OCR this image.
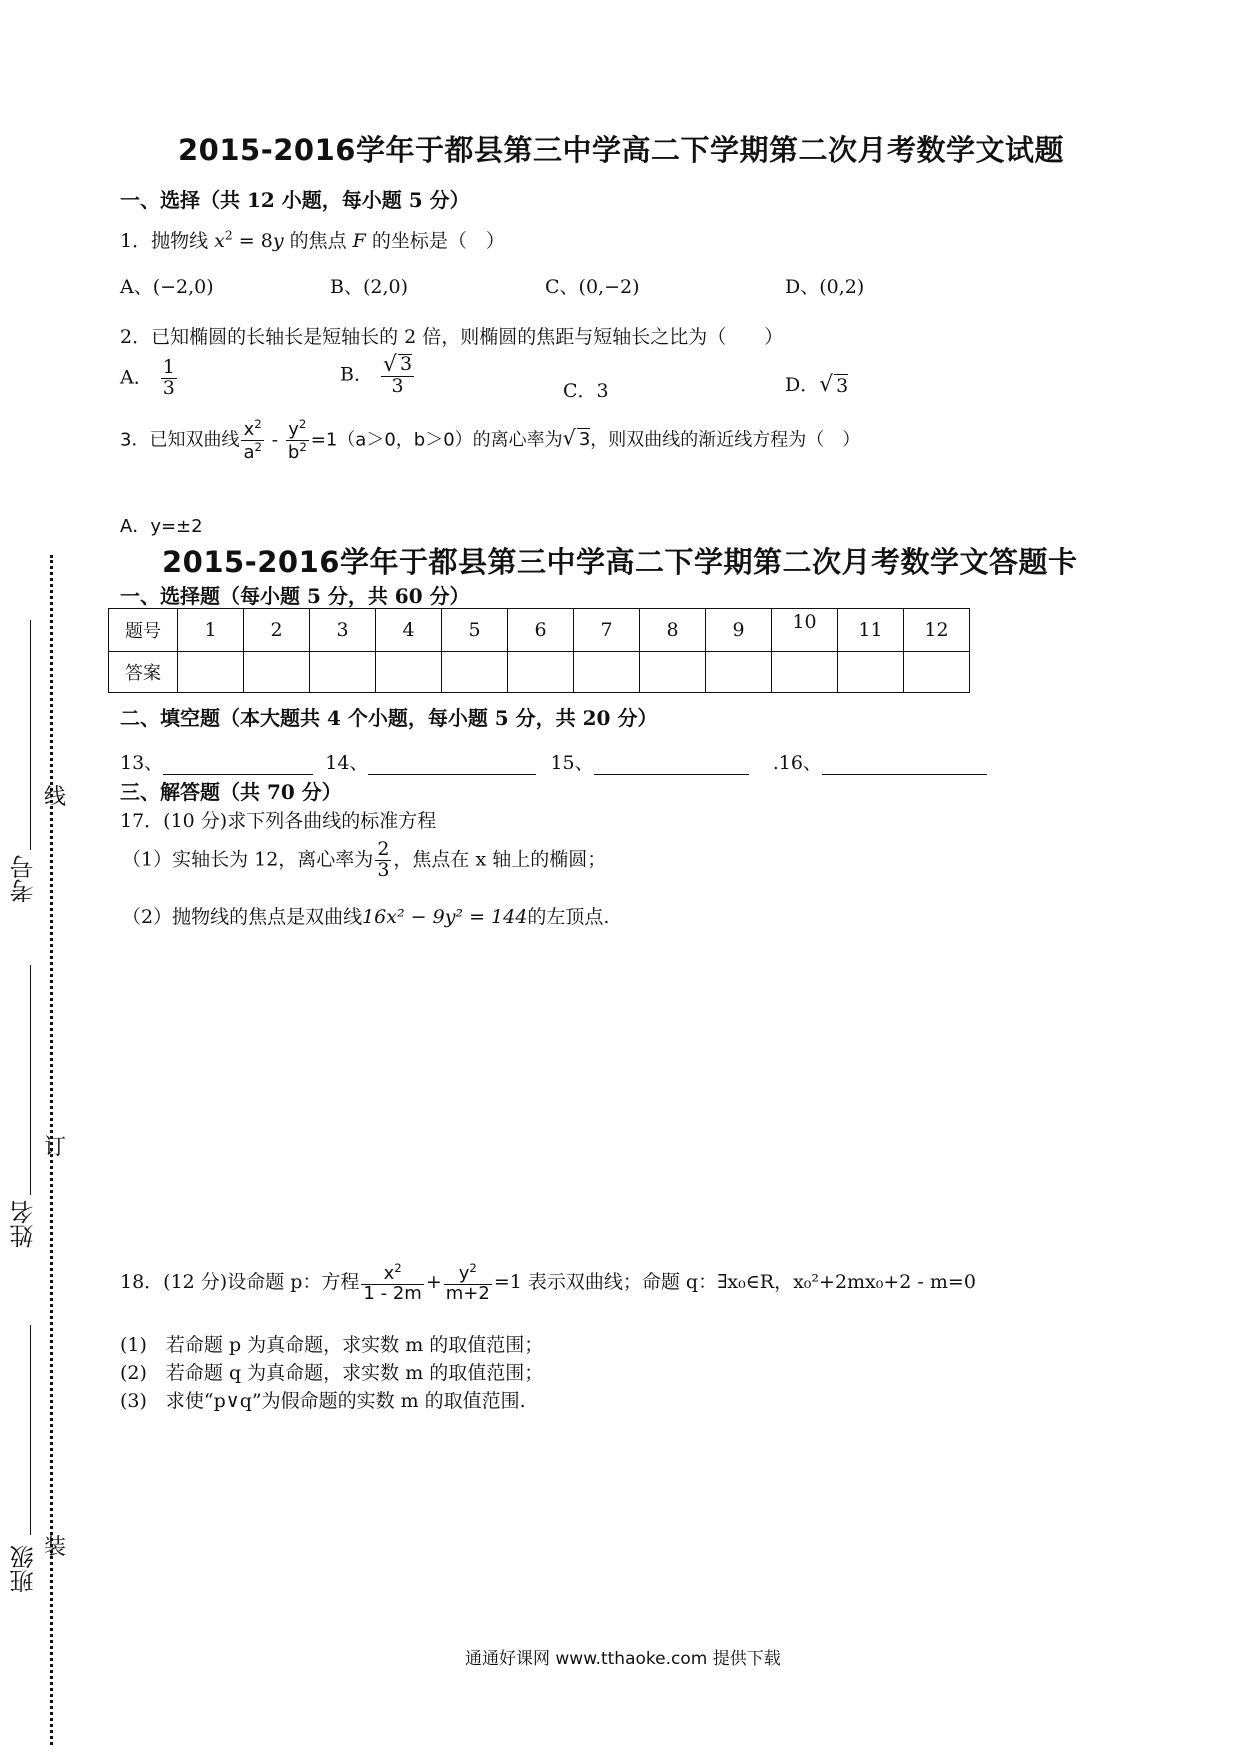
2015-2016学年于都县第三中学高二下学期第二次月考数学文试题
一、选择（共 12 小题，每小题 5 分）
1．抛物线 $x^2 = 8y$ 的焦点 F 的坐标是（　）
A、(−2,0)	B、(2,0)	C、(0,−2)	D、(0,2)
2．已知椭圆的长轴长是短轴长的 2 倍，则椭圆的焦距与短轴长之比为（　　）
A． $\frac{1}{3}$	B． $\frac{√ 3}{3}$	C．3	D． √ 3
3．已知双曲线 $\frac{x^2}{a^2} - \frac{y^2}{b^2} =1(a>0$，b＞0）的离心率为 √ 3 ，则双曲线的渐近线方程为（　）
A．y=±2
2015-2016学年于都县第三中学高二下学期第二次月考数学文答题卡
一、选择题（每小题 5 分，共 60 分）
题号	1	2	3	4	5	6	7	8	9	10	11	12
答案												
二、填空题（本大题共 4 个小题，每小题 5 分，共 20 分）
13、	14、	15、	.16、
三、解答题（共 70 分）
17．(10 分)求下列各曲线的标准方程
（1）实轴长为 12，离心率为 $\frac{2}{3}$ ，焦点在 x 轴上的椭圆；
（2）抛物线的焦点是双曲线16x² − 9y² = 144的左顶点.
18．(12 分)设命题 p：方程 $\frac{x^2}{1 - 2m} + \frac{y^2}{m+2} =1$ 表示双曲线；命题 q：∃x₀∈R，x₀²+2mx₀+2 - m=0
(1)　若命题 p 为真命题，求实数 m 的取值范围；
(2)　若命题 q 为真命题，求实数 m 的取值范围；
(3)　求使“p∨q”为假命题的实数 m 的取值范围.
线
订
装
考号
姓名
班级
通通好课网 www.tthaoke.com 提供下载
